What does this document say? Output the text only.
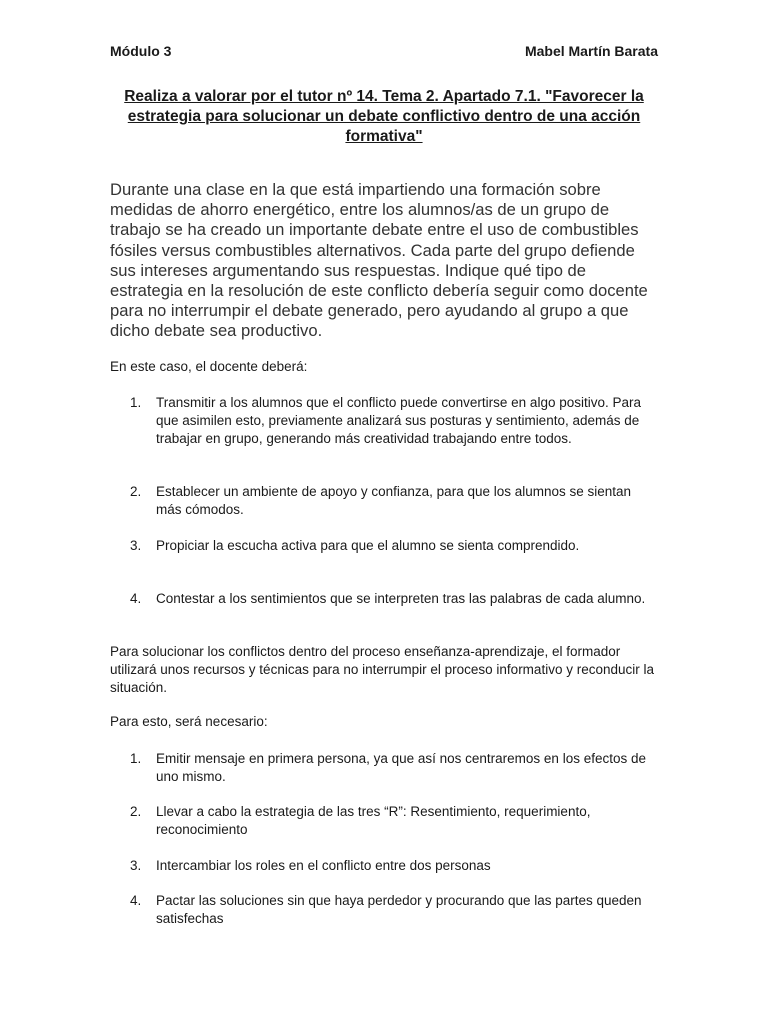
Módulo 3	Mabel Martín Barata
Realiza a valorar por el tutor nº 14. Tema 2. Apartado 7.1. "Favorecer la estrategia para solucionar un debate conflictivo dentro de una acción formativa"
Durante una clase en la que está impartiendo una formación sobre medidas de ahorro energético, entre los alumnos/as de un grupo de trabajo se ha creado un importante debate entre el uso de combustibles fósiles versus combustibles alternativos. Cada parte del grupo defiende sus intereses argumentando sus respuestas. Indique qué tipo de estrategia en la resolución de este conflicto debería seguir como docente para no interrumpir el debate generado, pero ayudando al grupo a que dicho debate sea productivo.
En este caso, el docente deberá:
1.	Transmitir a los alumnos que el conflicto puede convertirse en algo positivo. Para que asimilen esto, previamente analizará sus posturas y sentimiento, además de trabajar en grupo, generando más creatividad trabajando entre todos.
2.	Establecer un ambiente de apoyo y confianza, para que los alumnos se sientan más cómodos.
3.	Propiciar la escucha activa para que el alumno se sienta comprendido.
4.	Contestar a los sentimientos que se interpreten tras las palabras de cada alumno.
Para solucionar los conflictos dentro del proceso enseñanza-aprendizaje, el formador utilizará unos recursos y técnicas para no interrumpir el proceso informativo y reconducir la situación.
Para esto, será necesario:
1.	Emitir mensaje en primera persona, ya que así nos centraremos en los efectos de uno mismo.
2.	Llevar a cabo la estrategia de las tres “R”: Resentimiento, requerimiento, reconocimiento
3.	Intercambiar los roles en el conflicto entre dos personas
4.	Pactar las soluciones sin que haya perdedor y procurando que las partes queden satisfechas
